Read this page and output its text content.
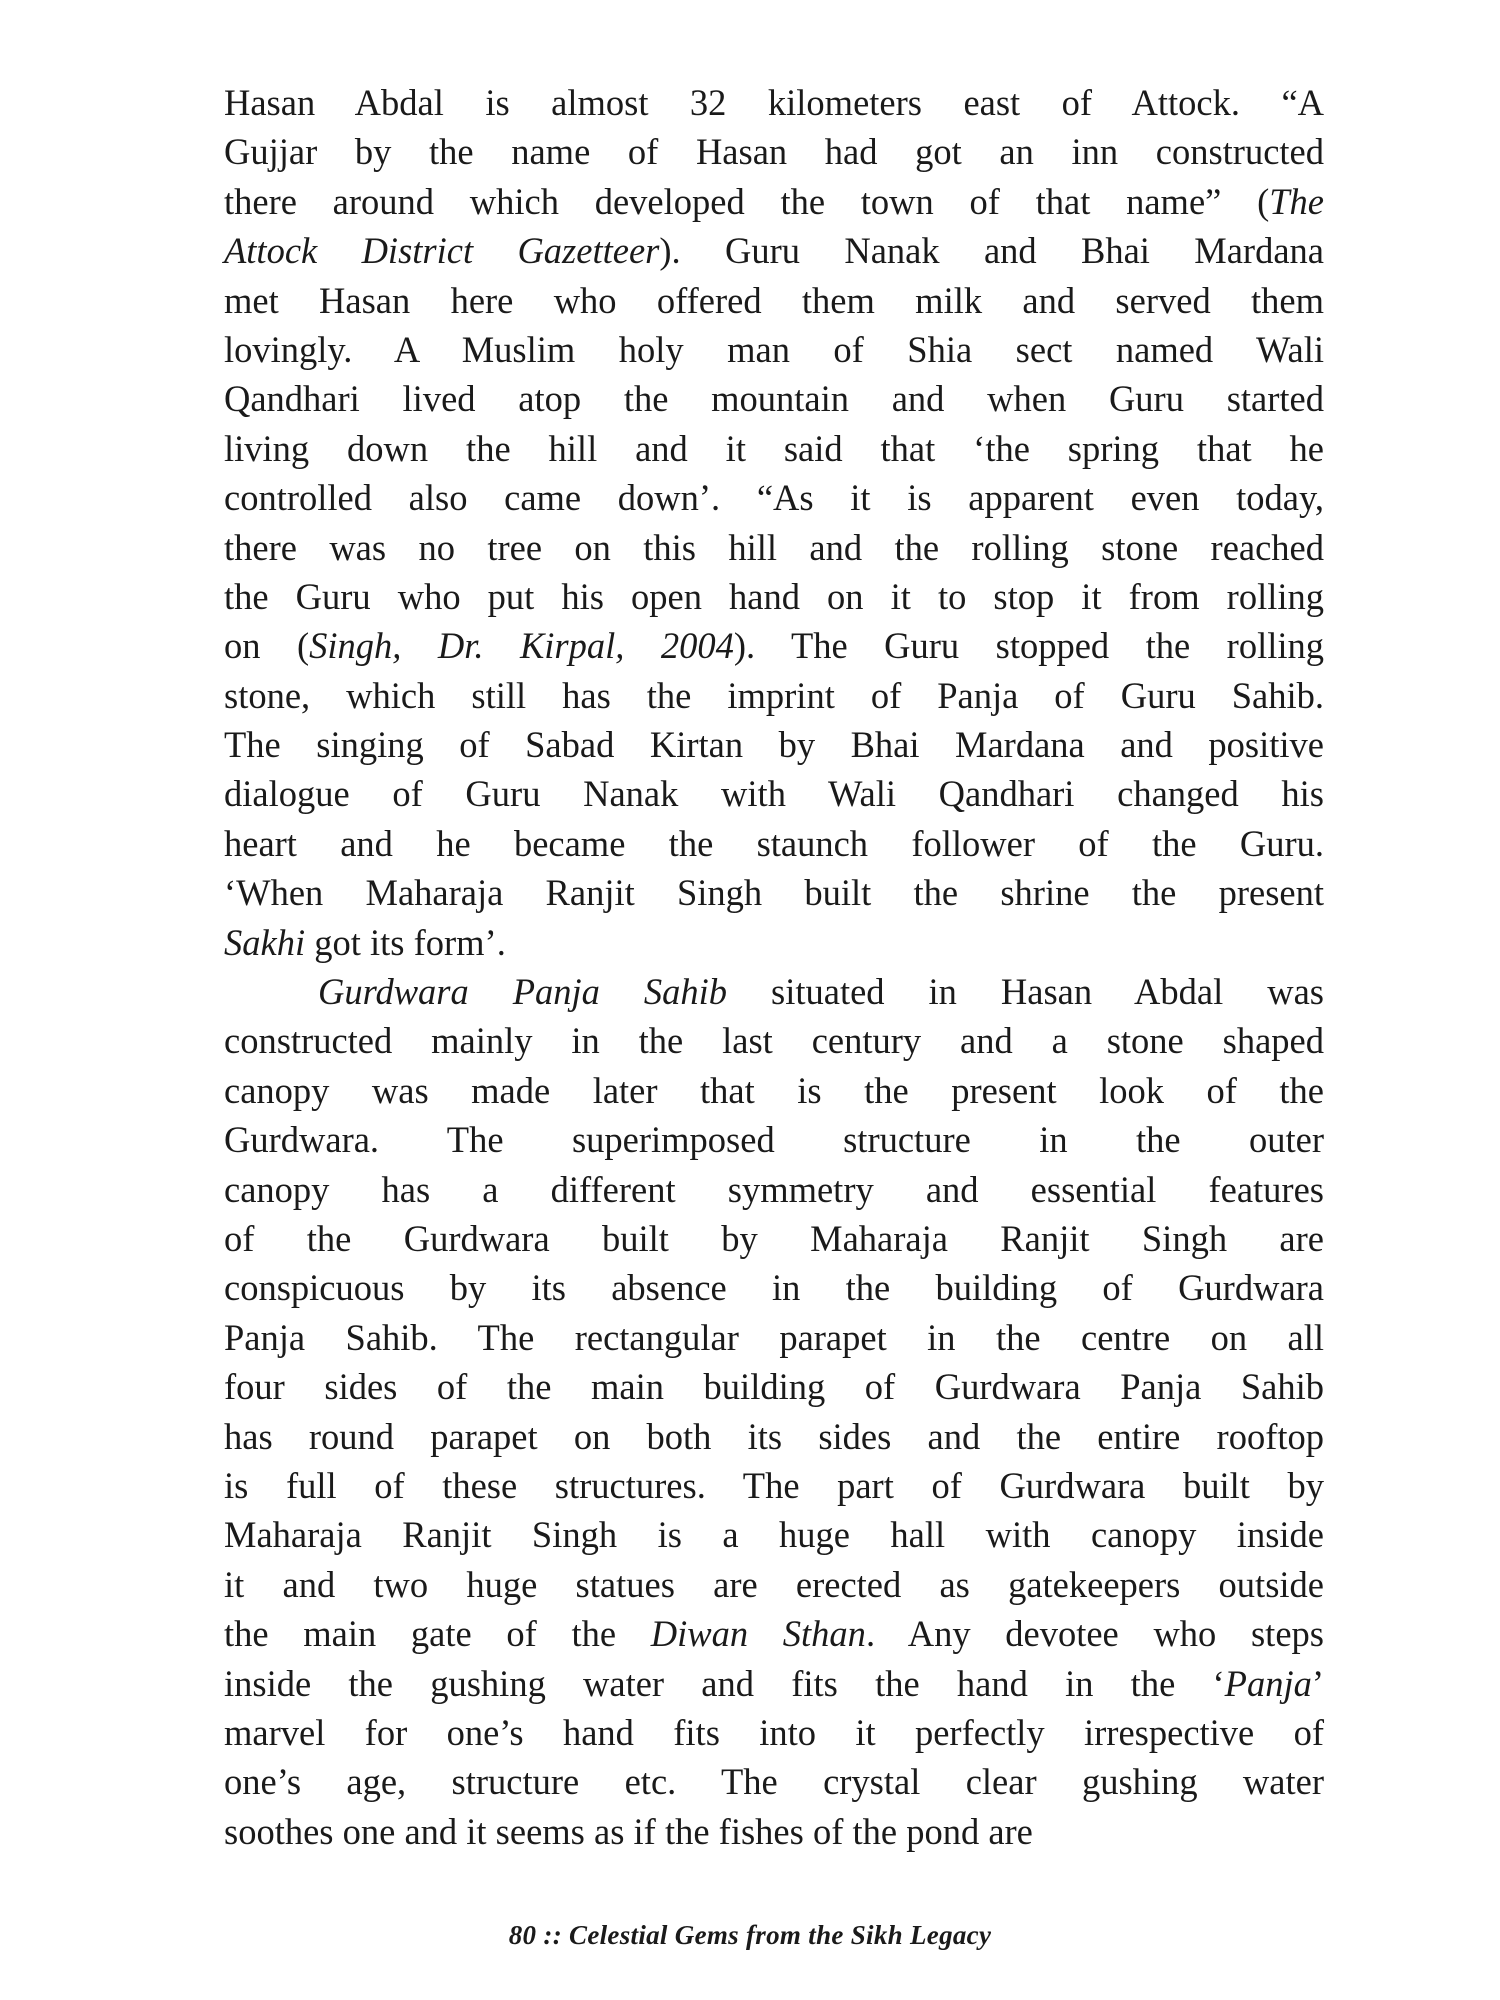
Hasan Abdal is almost 32 kilometers east of Attock. “A
Gujjar by the name of Hasan had got an inn constructed
there around which developed the town of that name” (The
Attock District Gazetteer). Guru Nanak and Bhai Mardana
met Hasan here who offered them milk and served them
lovingly. A Muslim holy man of Shia sect named Wali
Qandhari lived atop the mountain and when Guru started
living down the hill and it said that ‘the spring that he
controlled also came down’. “As it is apparent even today,
there was no tree on this hill and the rolling stone reached
the Guru who put his open hand on it to stop it from rolling
on (Singh, Dr. Kirpal, 2004). The Guru stopped the rolling
stone, which still has the imprint of Panja of Guru Sahib.
The singing of Sabad Kirtan by Bhai Mardana and positive
dialogue of Guru Nanak with Wali Qandhari changed his
heart and he became the staunch follower of the Guru.
‘When Maharaja Ranjit Singh built the shrine the present
Sakhi got its form’.
Gurdwara Panja Sahib situated in Hasan Abdal was
constructed mainly in the last century and a stone shaped
canopy was made later that is the present look of the
Gurdwara. The superimposed structure in the outer
canopy has a different symmetry and essential features
of the Gurdwara built by Maharaja Ranjit Singh are
conspicuous by its absence in the building of Gurdwara
Panja Sahib. The rectangular parapet in the centre on all
four sides of the main building of Gurdwara Panja Sahib
has round parapet on both its sides and the entire rooftop
is full of these structures. The part of Gurdwara built by
Maharaja Ranjit Singh is a huge hall with canopy inside
it and two huge statues are erected as gatekeepers outside
the main gate of the Diwan Sthan. Any devotee who steps
inside the gushing water and fits the hand in the ‘Panja’
marvel for one’s hand fits into it perfectly irrespective of
one’s age, structure etc. The crystal clear gushing water
soothes one and it seems as if the fishes of the pond are
80 :: Celestial Gems from the Sikh Legacy
